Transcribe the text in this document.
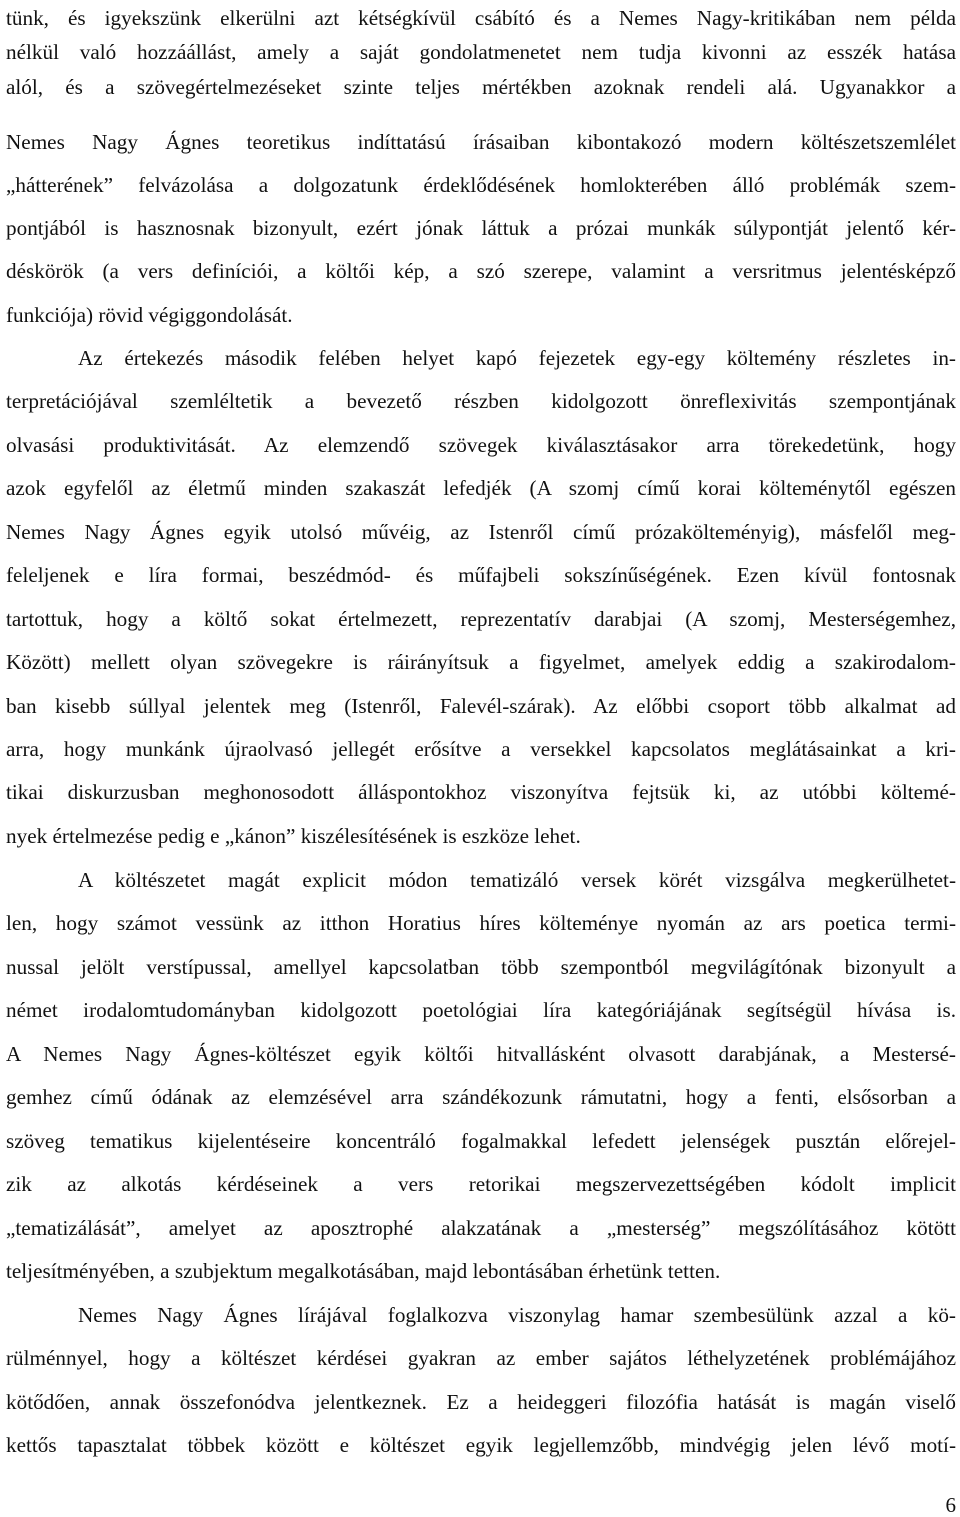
tünk, és igyekszünk elkerülni azt kétségkívül csábító és a Nemes Nagy-kritikában nem példa
nélkül való hozzáállást, amely a saját gondolatmenetet nem tudja kivonni az esszék hatása
alól, és a szövegértelmezéseket szinte teljes mértékben azoknak rendeli alá. Ugyanakkor a
Nemes Nagy Ágnes teoretikus indíttatású írásaiban kibontakozó modern költészetszemlélet
„hátterének” felvázolása a dolgozatunk érdeklődésének homlokterében álló problémák szem-
pontjából is hasznosnak bizonyult, ezért jónak láttuk a prózai munkák súlypontját jelentő kér-
déskörök (a vers definíciói, a költői kép, a szó szerepe, valamint a versritmus jelentésképző
funkciója) rövid végiggondolását.
Az értekezés második felében helyet kapó fejezetek egy-egy költemény részletes in-
terpretációjával szemléltetik a bevezető részben kidolgozott önreflexivitás szempontjának
olvasási produktivitását. Az elemzendő szövegek kiválasztásakor arra törekedetünk, hogy
azok egyfelől az életmű minden szakaszát lefedjék (A szomj című korai költeménytől egészen
Nemes Nagy Ágnes egyik utolsó művéig, az Istenről című prózakölteményig), másfelől meg-
feleljenek e líra formai, beszédmód- és műfajbeli sokszínűségének. Ezen kívül fontosnak
tartottuk, hogy a költő sokat értelmezett, reprezentatív darabjai (A szomj, Mesterségemhez,
Között) mellett olyan szövegekre is ráirányítsuk a figyelmet, amelyek eddig a szakirodalom-
ban kisebb súllyal jelentek meg (Istenről, Falevél-szárak). Az előbbi csoport több alkalmat ad
arra, hogy munkánk újraolvasó jellegét erősítve a versekkel kapcsolatos meglátásainkat a kri-
tikai diskurzusban meghonosodott álláspontokhoz viszonyítva fejtsük ki, az utóbbi költemé-
nyek értelmezése pedig e „kánon” kiszélesítésének is eszköze lehet.
A költészetet magát explicit módon tematizáló versek körét vizsgálva megkerülhetet-
len, hogy számot vessünk az itthon Horatius híres költeménye nyomán az ars poetica termi-
nussal jelölt verstípussal, amellyel kapcsolatban több szempontból megvilágítónak bizonyult a
német irodalomtudományban kidolgozott poetológiai líra kategóriájának segítségül hívása is.
A Nemes Nagy Ágnes-költészet egyik költői hitvallásként olvasott darabjának, a Mestersé-
gemhez című ódának az elemzésével arra szándékozunk rámutatni, hogy a fenti, elsősorban a
szöveg tematikus kijelentéseire koncentráló fogalmakkal lefedett jelenségek pusztán előrejel-
zik az alkotás kérdéseinek a vers retorikai megszervezettségében kódolt implicit
„tematizálását”, amelyet az aposztrophé alakzatának a „mesterség” megszólításához kötött
teljesítményében, a szubjektum megalkotásában, majd lebontásában érhetünk tetten.
Nemes Nagy Ágnes lírájával foglalkozva viszonylag hamar szembesülünk azzal a kö-
rülménnyel, hogy a költészet kérdései gyakran az ember sajátos léthelyzetének problémájához
kötődően, annak összefonódva jelentkeznek. Ez a heideggeri filozófia hatását is magán viselő
kettős tapasztalat többek között e költészet egyik legjellemzőbb, mindvégig jelen lévő motí-
6
